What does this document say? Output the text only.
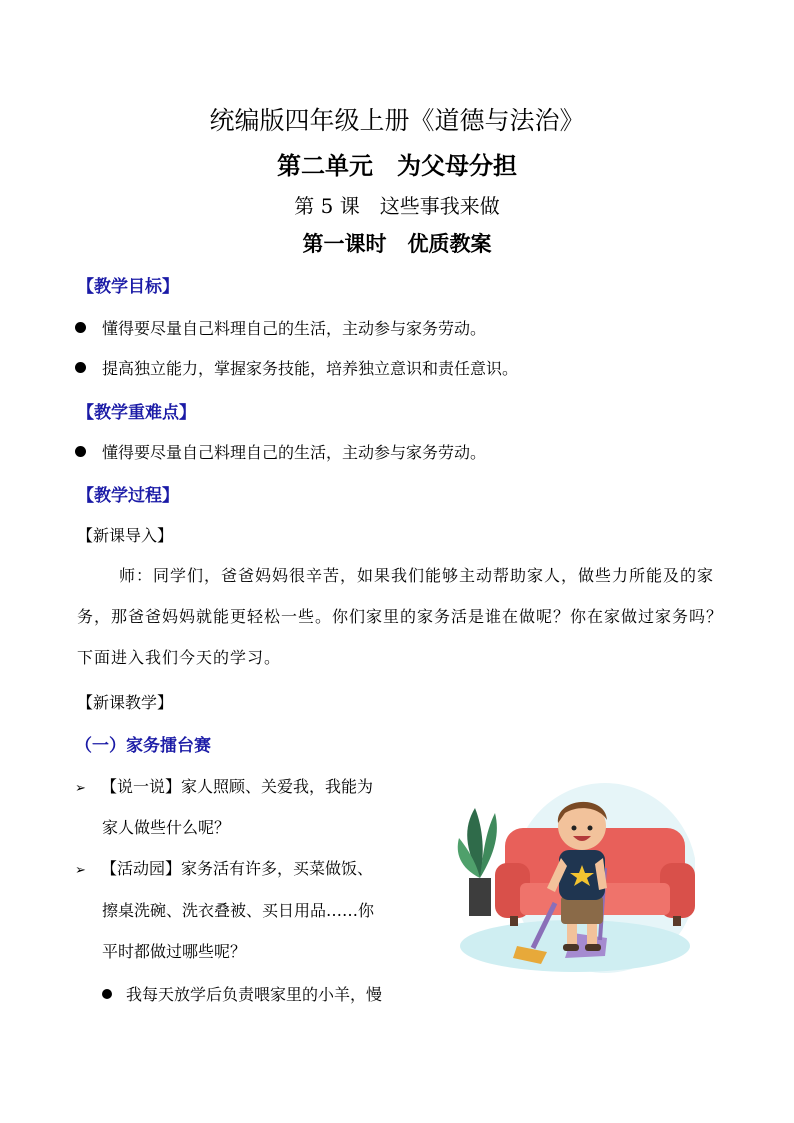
统编版四年级上册《道德与法治》
第二单元　为父母分担
第 5 课　这些事我来做
第一课时　优质教案
【教学目标】
懂得要尽量自己料理自己的生活，主动参与家务劳动。
提高独立能力，掌握家务技能，培养独立意识和责任意识。
【教学重难点】
懂得要尽量自己料理自己的生活，主动参与家务劳动。
【教学过程】
【新课导入】
师：同学们，爸爸妈妈很辛苦，如果我们能够主动帮助家人，做些力所能及的家务，那爸爸妈妈就能更轻松一些。你们家里的家务活是谁在做呢？你在家做过家务吗？下面进入我们今天的学习。
【新课教学】
（一）家务擂台赛
➢ 【说一说】家人照顾、关爱我，我能为
家人做些什么呢？
➢ 【活动园】家务活有许多，买菜做饭、
擦桌洗碗、洗衣叠被、买日用品……你
平时都做过哪些呢？
我每天放学后负责喂家里的小羊，慢
